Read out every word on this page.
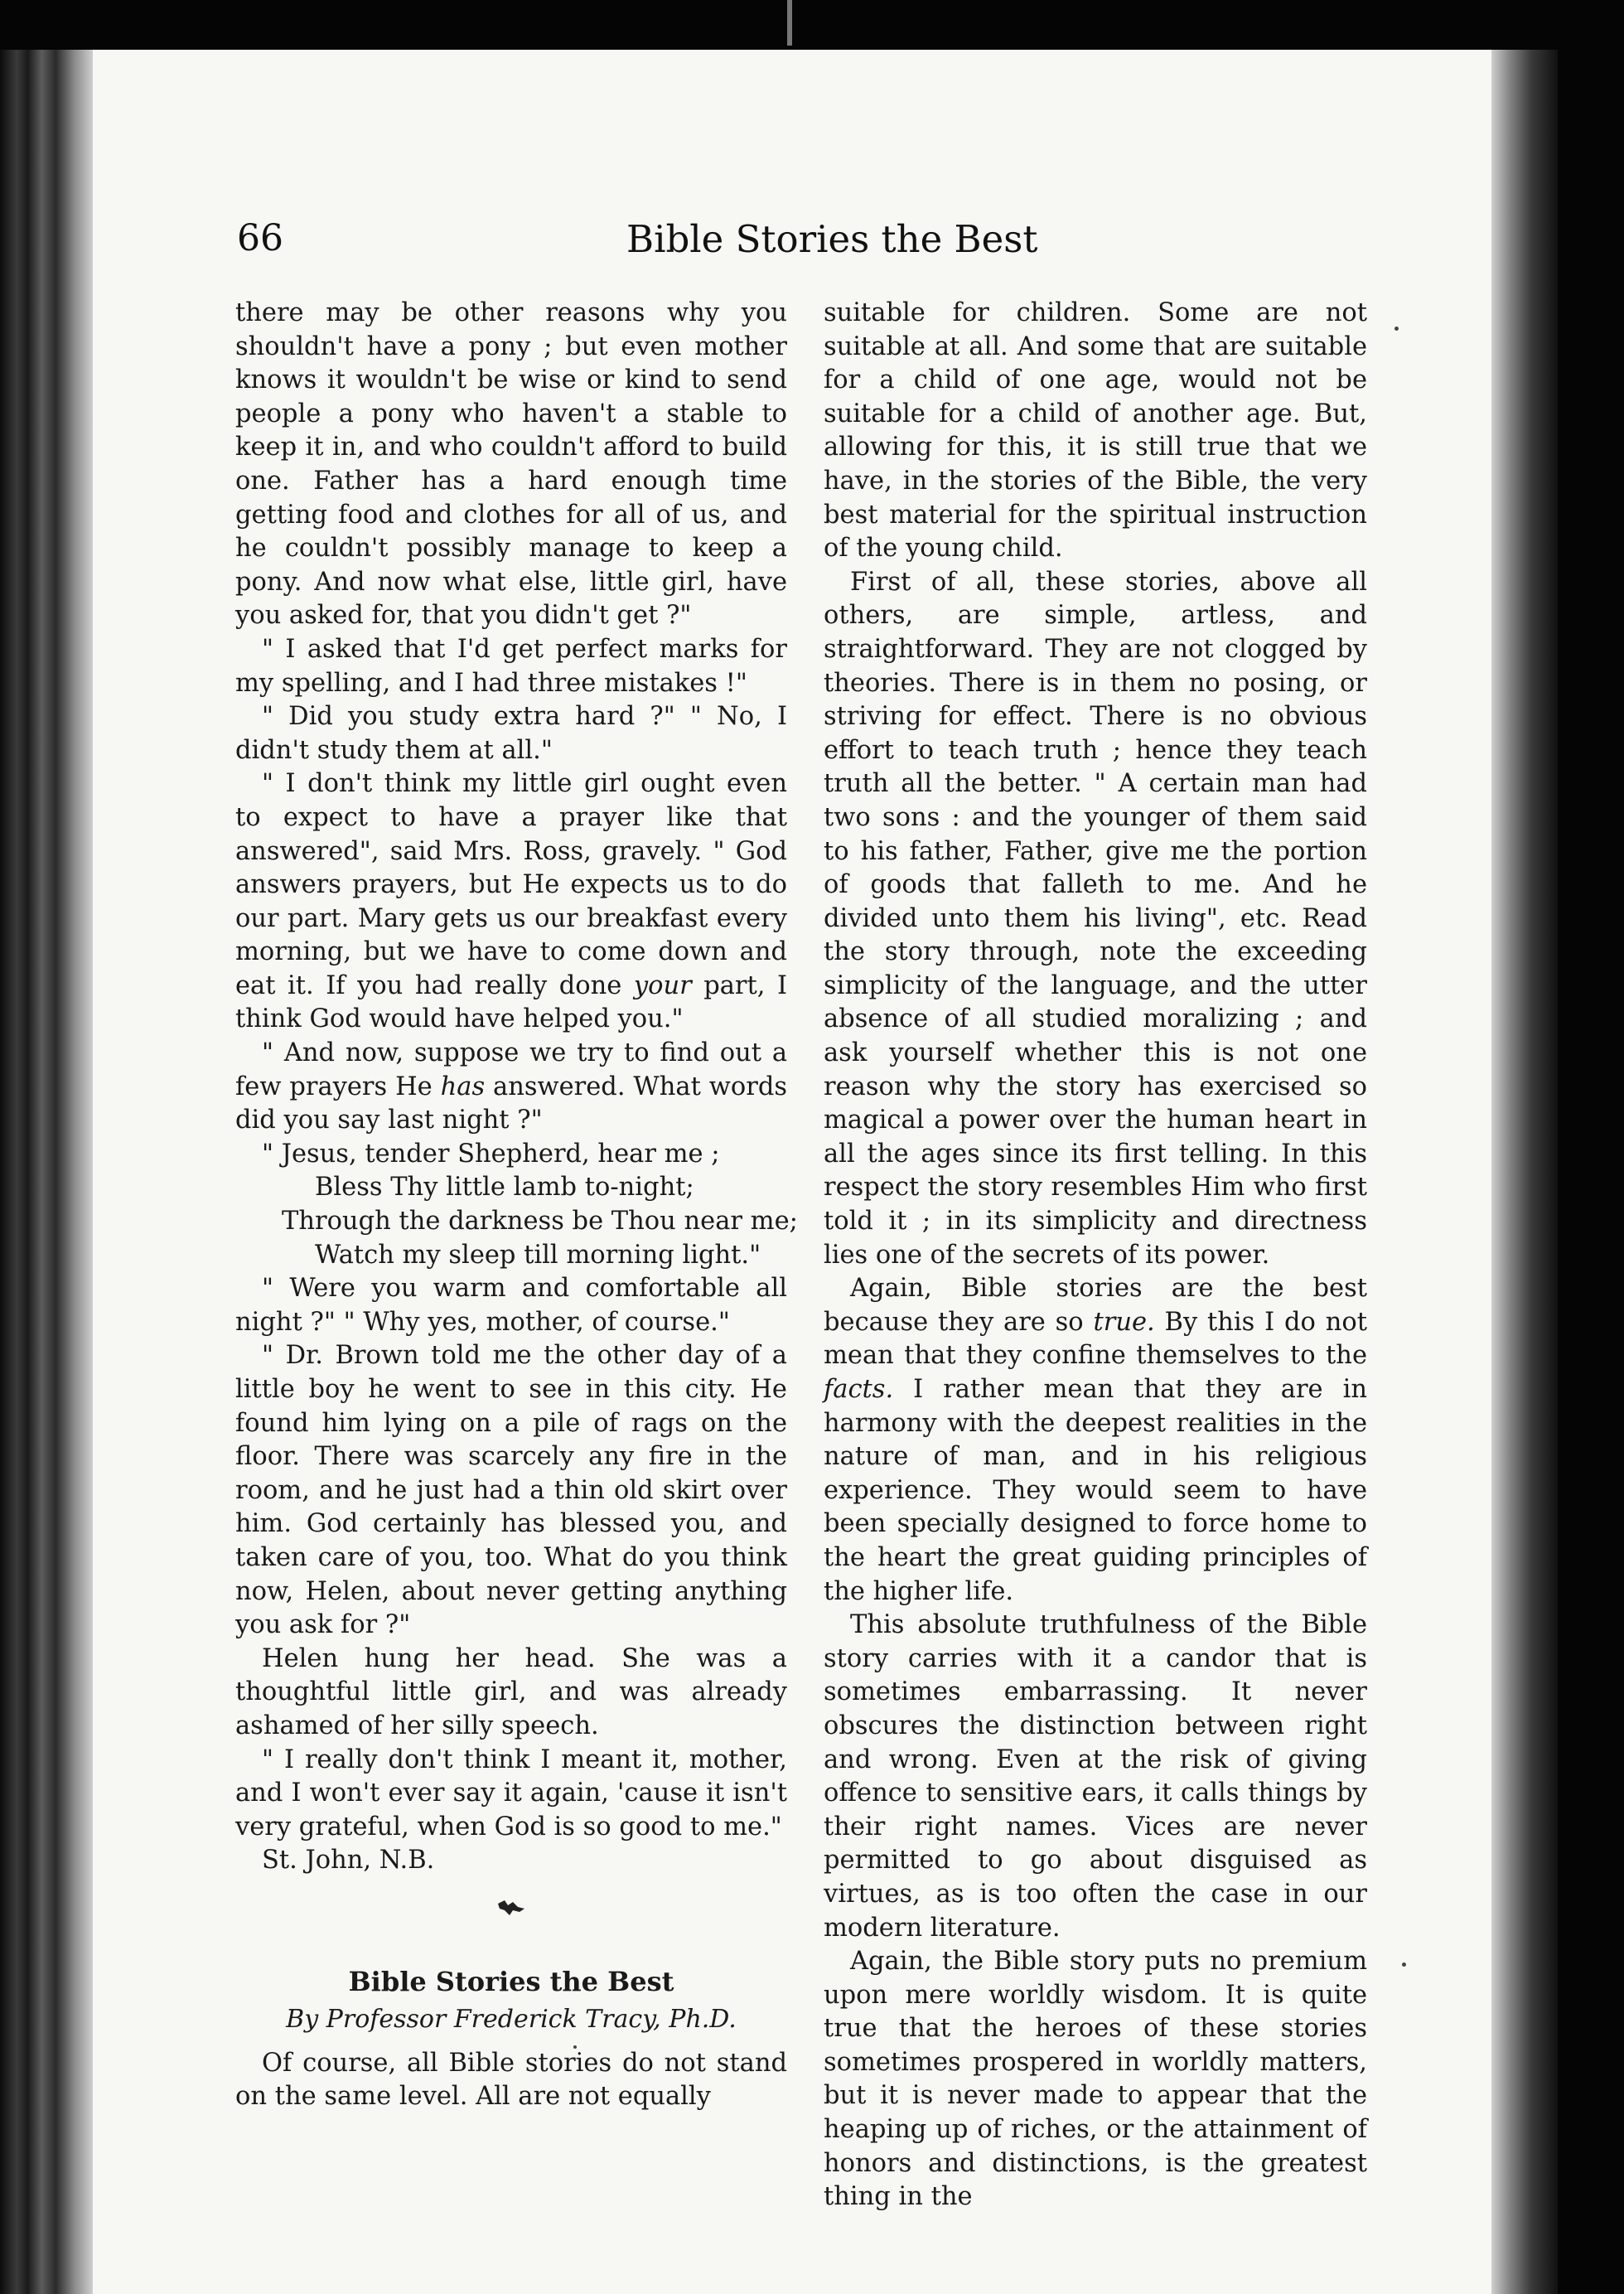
66	Bible Stories the Best

there may be other reasons why you shouldn't have a pony ; but even mother knows it wouldn't be wise or kind to send people a pony who haven't a stable to keep it in, and who couldn't afford to build one. Father has a hard enough time getting food and clothes for all of us, and he couldn't possibly manage to keep a pony. And now what else, little girl, have you asked for, that you didn't get ?"

" I asked that I'd get perfect marks for my spelling, and I had three mistakes !"

" Did you study extra hard ?" " No, I didn't study them at all."

" I don't think my little girl ought even to expect to have a prayer like that answered", said Mrs. Ross, gravely. " God answers prayers, but He expects us to do our part. Mary gets us our breakfast every morning, but we have to come down and eat it. If you had really done your part, I think God would have helped you."

" And now, suppose we try to find out a few prayers He has answered. What words did you say last night ?"

" Jesus, tender Shepherd, hear me ;
Bless Thy little lamb to-night;
Through the darkness be Thou near me;
Watch my sleep till morning light."

" Were you warm and comfortable all night ?" " Why yes, mother, of course."

" Dr. Brown told me the other day of a little boy he went to see in this city. He found him lying on a pile of rags on the floor. There was scarcely any fire in the room, and he just had a thin old skirt over him. God certainly has blessed you, and taken care of you, too. What do you think now, Helen, about never getting anything you ask for ?"

Helen hung her head. She was a thoughtful little girl, and was already ashamed of her silly speech.

" I really don't think I meant it, mother, and I won't ever say it again, 'cause it isn't very grateful, when God is so good to me."

St. John, N.B.

Bible Stories the Best
By Professor Frederick Tracy, Ph.D.

Of course, all Bible stories do not stand on the same level. All are not equally

suitable for children. Some are not suitable at all. And some that are suitable for a child of one age, would not be suitable for a child of another age. But, allowing for this, it is still true that we have, in the stories of the Bible, the very best material for the spiritual instruction of the young child.

First of all, these stories, above all others, are simple, artless, and straightforward. They are not clogged by theories. There is in them no posing, or striving for effect. There is no obvious effort to teach truth ; hence they teach truth all the better. " A certain man had two sons : and the younger of them said to his father, Father, give me the portion of goods that falleth to me. And he divided unto them his living", etc. Read the story through, note the exceeding simplicity of the language, and the utter absence of all studied moralizing ; and ask yourself whether this is not one reason why the story has exercised so magical a power over the human heart in all the ages since its first telling. In this respect the story resembles Him who first told it ; in its simplicity and directness lies one of the secrets of its power.

Again, Bible stories are the best because they are so true. By this I do not mean that they confine themselves to the facts. I rather mean that they are in harmony with the deepest realities in the nature of man, and in his religious experience. They would seem to have been specially designed to force home to the heart the great guiding principles of the higher life.

This absolute truthfulness of the Bible story carries with it a candor that is sometimes embarrassing. It never obscures the distinction between right and wrong. Even at the risk of giving offence to sensitive ears, it calls things by their right names. Vices are never permitted to go about disguised as virtues, as is too often the case in our modern literature.

Again, the Bible story puts no premium upon mere worldly wisdom. It is quite true that the heroes of these stories sometimes prospered in worldly matters, but it is never made to appear that the heaping up of riches, or the attainment of honors and distinctions, is the greatest thing in the
